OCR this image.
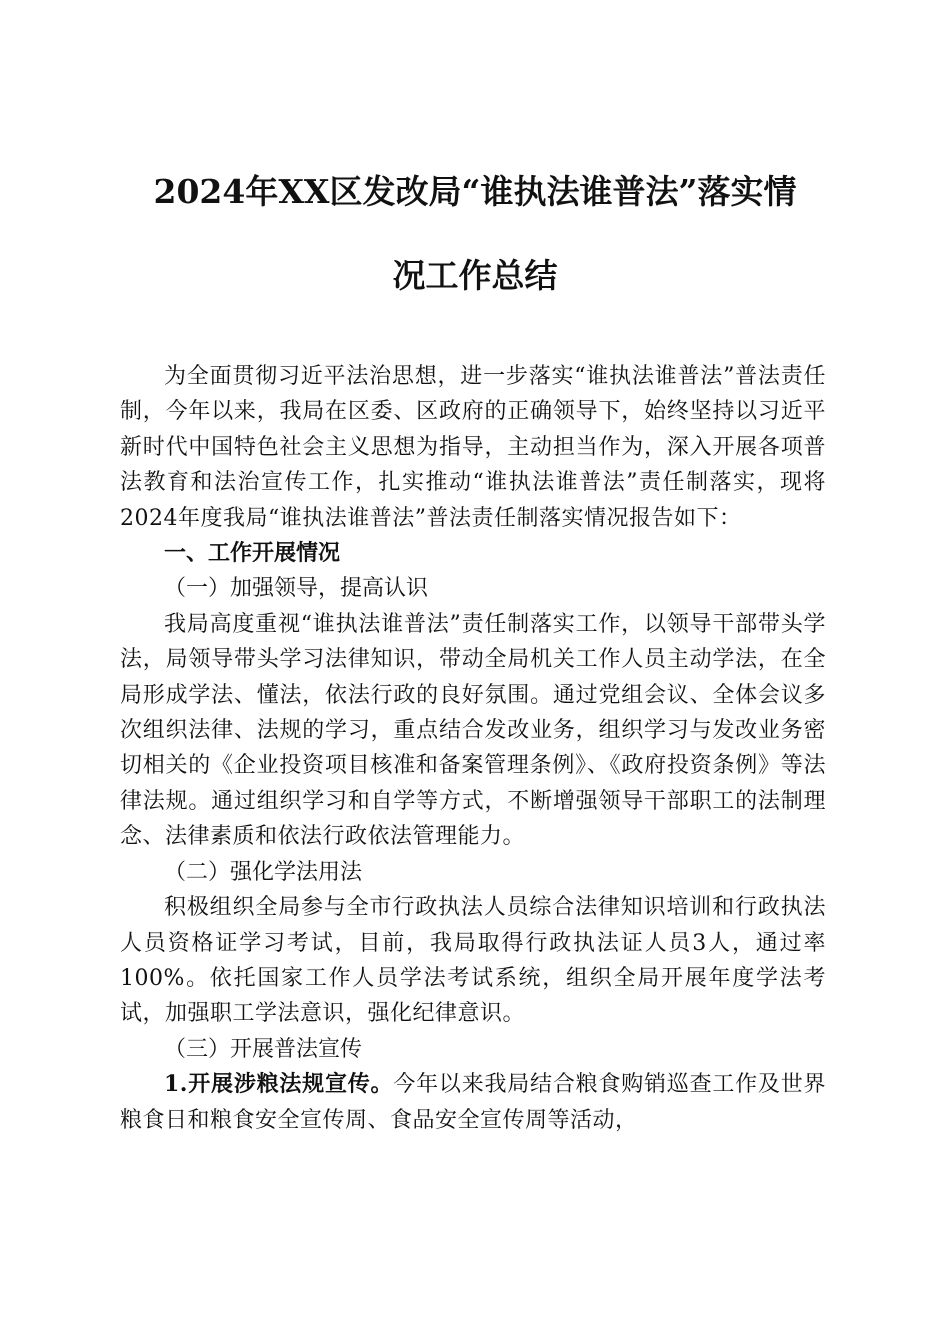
2024年XX区发改局“谁执法谁普法”落实情
况工作总结

为全面贯彻习近平法治思想，进一步落实“谁执法谁普法”普法责任制，今年以来，我局在区委、区政府的正确领导下，始终坚持以习近平新时代中国特色社会主义思想为指导，主动担当作为，深入开展各项普法教育和法治宣传工作，扎实推动“谁执法谁普法”责任制落实，现将2024年度我局“谁执法谁普法”普法责任制落实情况报告如下：

一、工作开展情况

（一）加强领导，提高认识

我局高度重视“谁执法谁普法”责任制落实工作，以领导干部带头学法，局领导带头学习法律知识，带动全局机关工作人员主动学法，在全局形成学法、懂法，依法行政的良好氛围。通过党组会议、全体会议多次组织法律、法规的学习，重点结合发改业务，组织学习与发改业务密切相关的《企业投资项目核准和备案管理条例》、《政府投资条例》等法律法规。通过组织学习和自学等方式，不断增强领导干部职工的法制理念、法律素质和依法行政依法管理能力。

（二）强化学法用法

积极组织全局参与全市行政执法人员综合法律知识培训和行政执法人员资格证学习考试，目前，我局取得行政执法证人员3人，通过率100%。依托国家工作人员学法考试系统，组织全局开展年度学法考试，加强职工学法意识，强化纪律意识。

（三）开展普法宣传

1.开展涉粮法规宣传。今年以来我局结合粮食购销巡查工作及世界粮食日和粮食安全宣传周、食品安全宣传周等活动，
